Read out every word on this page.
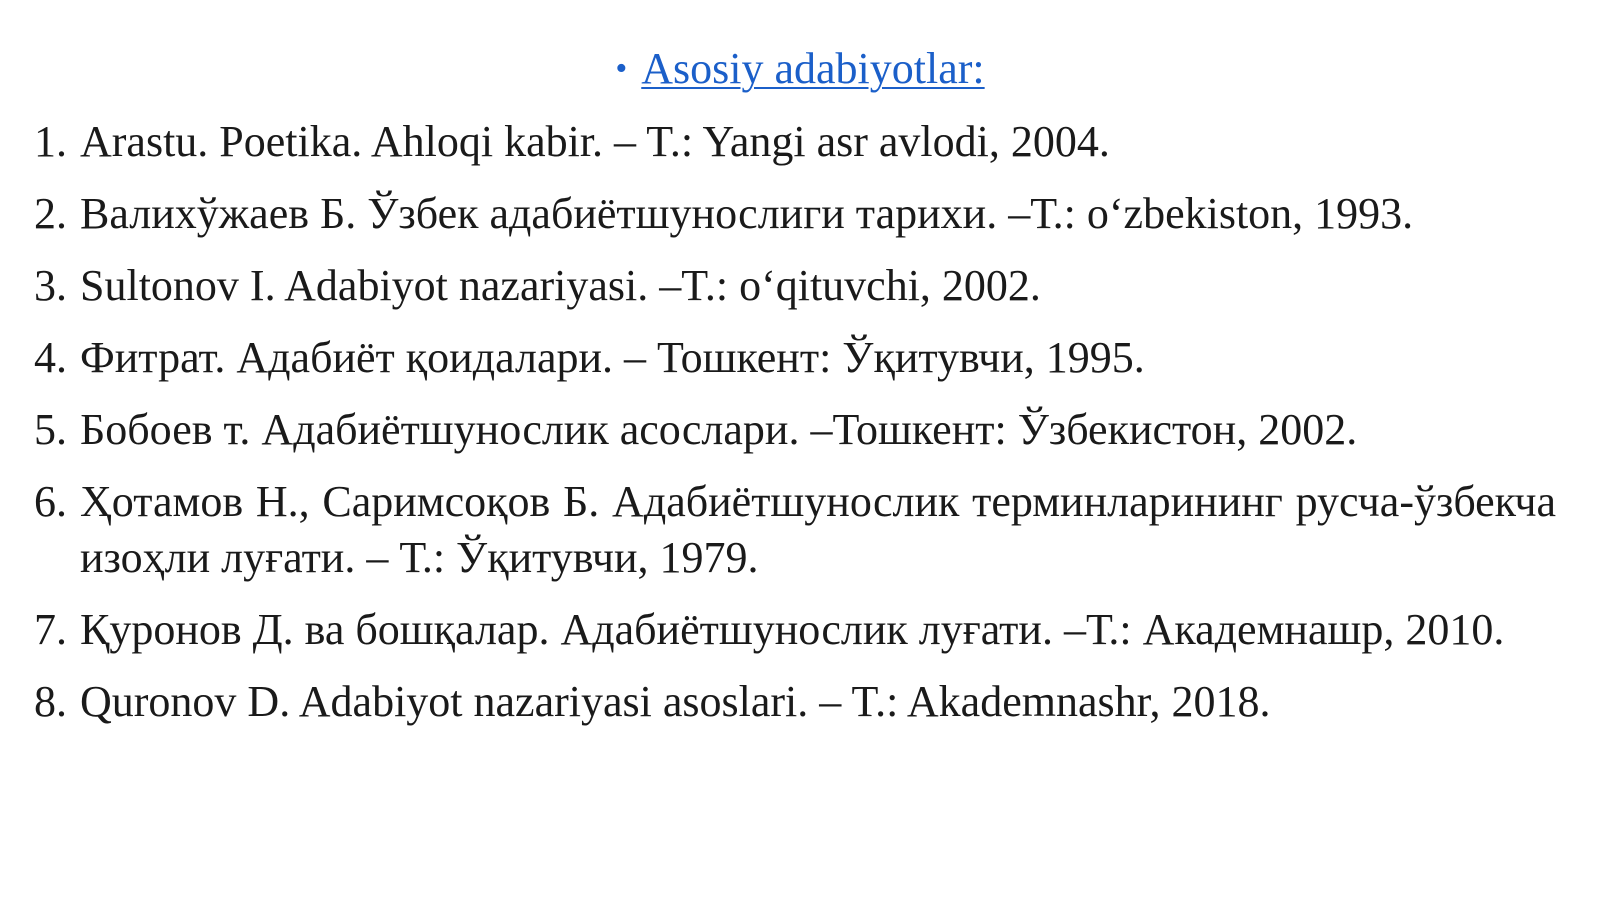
• Asosiy adabiyotlar:
1. Arastu. Poetika. Ahloqi kabir. – T.: Yangi asr avlodi, 2004.
2. Валихўжаев Б. Ўзбек адабиётшунослиги тарихи. –Т.: o‘zbekiston, 1993.
3. Sultonov I. Adabiyot nazariyasi. –T.: o‘qituvchi, 2002.
4. Фитрат. Адабиёт қоидалари. – Тошкент: Ўқитувчи, 1995.
5. Бобоев т. Адабиётшунослик асослари. –Тошкент: Ўзбекистон, 2002.
6. Ҳотамов Н., Саримсоқов Б. Адабиётшунослик терминларининг русча-ўзбекча изоҳли луғати. – Т.: Ўқитувчи, 1979.
7. Қуронов Д. ва бошқалар. Адабиётшунослик луғати. –Т.: Академнашр, 2010.
8. Quronov D. Adabiyot nazariyasi asoslari. – T.: Akademnashr, 2018.
